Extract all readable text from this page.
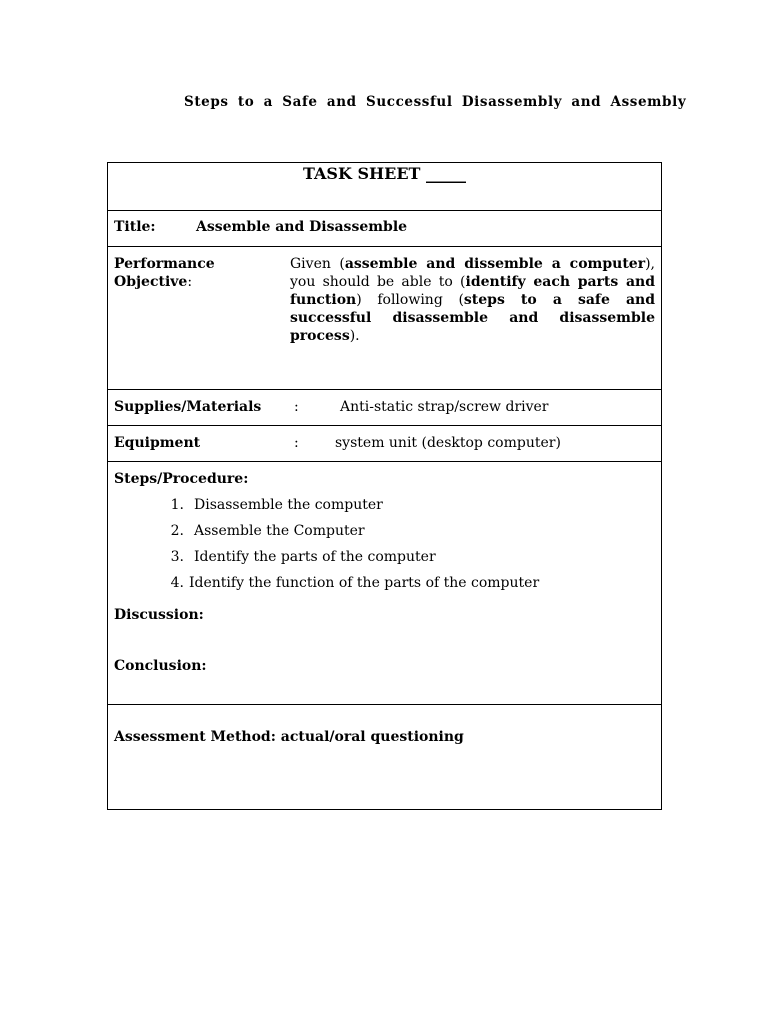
Steps to a Safe and Successful Disassembly and Assembly
TASK SHEET _____

Title:	Assemble and Disassemble

Performance Objective:
Given (assemble and dissemble a computer), you should be able to (identify each parts and function) following (steps to a safe and successful disassemble and disassemble process).

Supplies/Materials :	Anti-static strap/screw driver

Equipment	:	system unit (desktop computer)

Steps/Procedure:
1. Disassemble the computer
2. Assemble the Computer
3. Identify the parts of the computer
4. Identify the function of the parts of the computer
Discussion:
Conclusion:

Assessment Method: actual/oral questioning
